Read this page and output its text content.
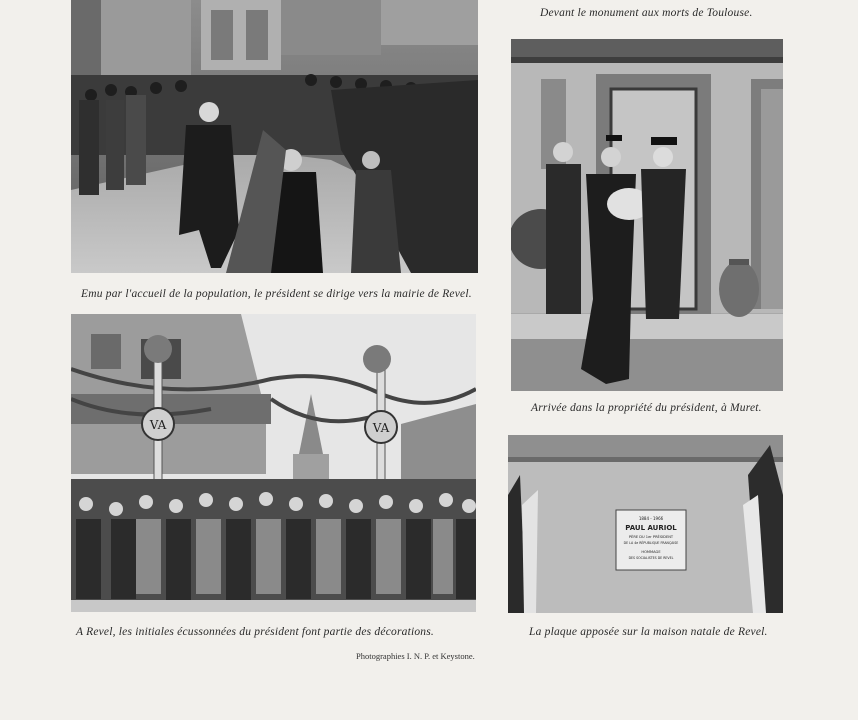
Devant le monument aux morts de Toulouse.
Emu par l'accueil de la population, le président se dirige vers la mairie de Revel.
Arrivée dans la propriété du président, à Muret.
VA	VA
A Revel, les initiales écussonnées du président font partie des décorations.
1884 - 1966
PAUL AURIOL
PÈRE DU 1er PRÉSIDENT
DE LA 4e RÉPUBLIQUE FRANÇAISE
HOMMAGE
DES SOCIALISTES DE REVEL
La plaque apposée sur la maison natale de Revel.
Photographies I. N. P. et Keystone.
